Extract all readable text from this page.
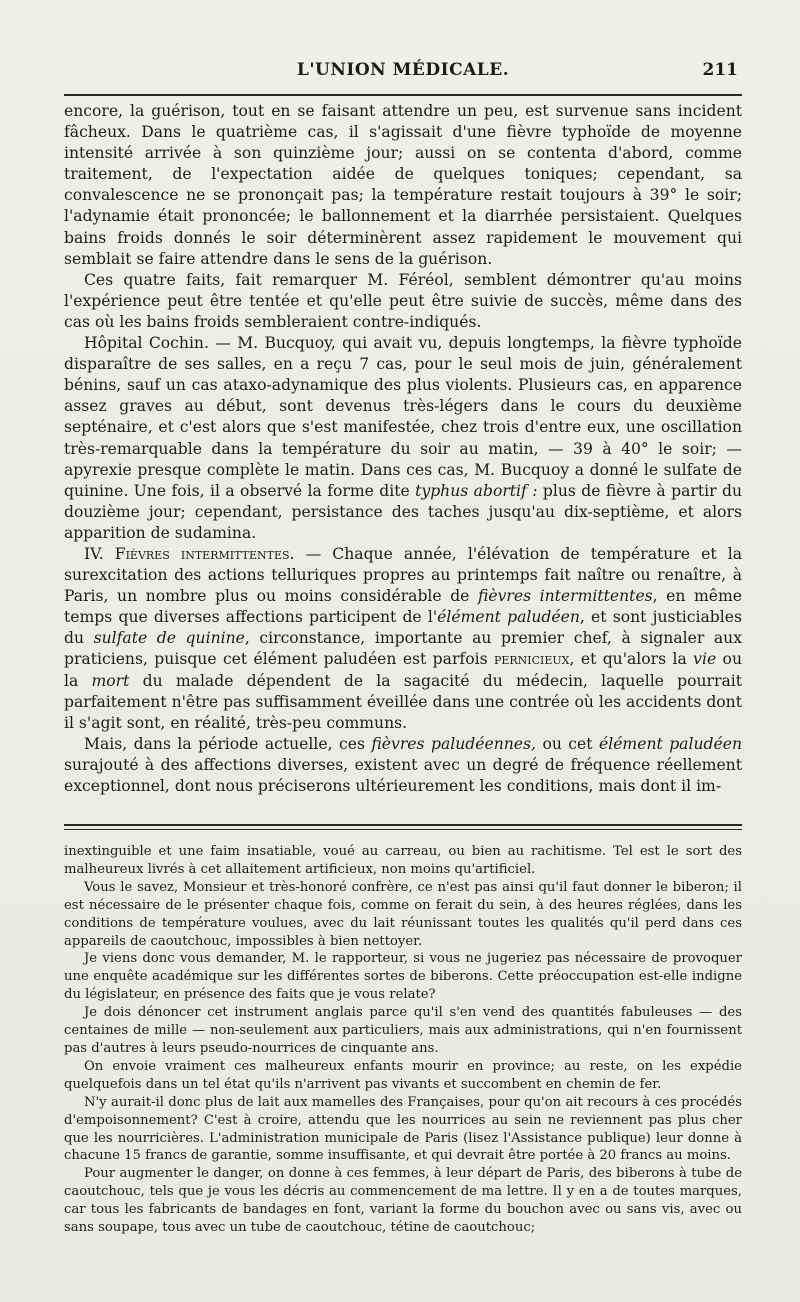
L'UNION MÉDICALE.	211

encore, la guérison, tout en se faisant attendre un peu, est survenue sans incident fâcheux. Dans le quatrième cas, il s'agissait d'une fièvre typhoïde de moyenne intensité arrivée à son quinzième jour; aussi on se contenta d'abord, comme traitement, de l'expectation aidée de quelques toniques; cependant, sa convalescence ne se prononçait pas; la température restait toujours à 39° le soir; l'adynamie était prononcée; le ballonnement et la diarrhée persistaient. Quelques bains froids donnés le soir déterminèrent assez rapidement le mouvement qui semblait se faire attendre dans le sens de la guérison.

Ces quatre faits, fait remarquer M. Féréol, semblent démontrer qu'au moins l'expérience peut être tentée et qu'elle peut être suivie de succès, même dans des cas où les bains froids sembleraient contre-indiqués.

Hôpital Cochin. — M. Bucquoy, qui avait vu, depuis longtemps, la fièvre typhoïde disparaître de ses salles, en a reçu 7 cas, pour le seul mois de juin, généralement bénins, sauf un cas ataxo-adynamique des plus violents. Plusieurs cas, en apparence assez graves au début, sont devenus très-légers dans le cours du deuxième septénaire, et c'est alors que s'est manifestée, chez trois d'entre eux, une oscillation très-remarquable dans la température du soir au matin, — 39 à 40° le soir; — apyrexie presque complète le matin. Dans ces cas, M. Bucquoy a donné le sulfate de quinine. Une fois, il a observé la forme dite typhus abortif : plus de fièvre à partir du douzième jour; cependant, persistance des taches jusqu'au dix-septième, et alors apparition de sudamina.

IV. Fièvres intermittentes. — Chaque année, l'élévation de température et la surexcitation des actions telluriques propres au printemps fait naître ou renaître, à Paris, un nombre plus ou moins considérable de fièvres intermittentes, en même temps que diverses affections participent de l'élément paludéen, et sont justiciables du sulfate de quinine, circonstance, importante au premier chef, à signaler aux praticiens, puisque cet élément paludéen est parfois pernicieux, et qu'alors la vie ou la mort du malade dépendent de la sagacité du médecin, laquelle pourrait parfaitement n'être pas suffisamment éveillée dans une contrée où les accidents dont il s'agit sont, en réalité, très-peu communs.

Mais, dans la période actuelle, ces fièvres paludéennes, ou cet élément paludéen surajouté à des affections diverses, existent avec un degré de fréquence réellement exceptionnel, dont nous préciserons ultérieurement les conditions, mais dont il im-

inextinguible et une faim insatiable, voué au carreau, ou bien au rachitisme. Tel est le sort des malheureux livrés à cet allaitement artificieux, non moins qu'artificiel.

Vous le savez, Monsieur et très-honoré confrère, ce n'est pas ainsi qu'il faut donner le biberon; il est nécessaire de le présenter chaque fois, comme on ferait du sein, à des heures réglées, dans les conditions de température voulues, avec du lait réunissant toutes les qualités qu'il perd dans ces appareils de caoutchouc, impossibles à bien nettoyer.

Je viens donc vous demander, M. le rapporteur, si vous ne jugeriez pas nécessaire de provoquer une enquête académique sur les différentes sortes de biberons. Cette préoccupation est-elle indigne du législateur, en présence des faits que je vous relate?

Je dois dénoncer cet instrument anglais parce qu'il s'en vend des quantités fabuleuses — des centaines de mille — non-seulement aux particuliers, mais aux administrations, qui n'en fournissent pas d'autres à leurs pseudo-nourrices de cinquante ans.

On envoie vraiment ces malheureux enfants mourir en province; au reste, on les expédie quelquefois dans un tel état qu'ils n'arrivent pas vivants et succombent en chemin de fer.

N'y aurait-il donc plus de lait aux mamelles des Françaises, pour qu'on ait recours à ces procédés d'empoisonnement? C'est à croire, attendu que les nourrices au sein ne reviennent pas plus cher que les nourricières. L'administration municipale de Paris (lisez l'Assistance publique) leur donne à chacune 15 francs de garantie, somme insuffisante, et qui devrait être portée à 20 francs au moins.

Pour augmenter le danger, on donne à ces femmes, à leur départ de Paris, des biberons à tube de caoutchouc, tels que je vous les décris au commencement de ma lettre. Il y en a de toutes marques, car tous les fabricants de bandages en font, variant la forme du bouchon avec ou sans vis, avec ou sans soupape, tous avec un tube de caoutchouc, tétine de caoutchouc;
